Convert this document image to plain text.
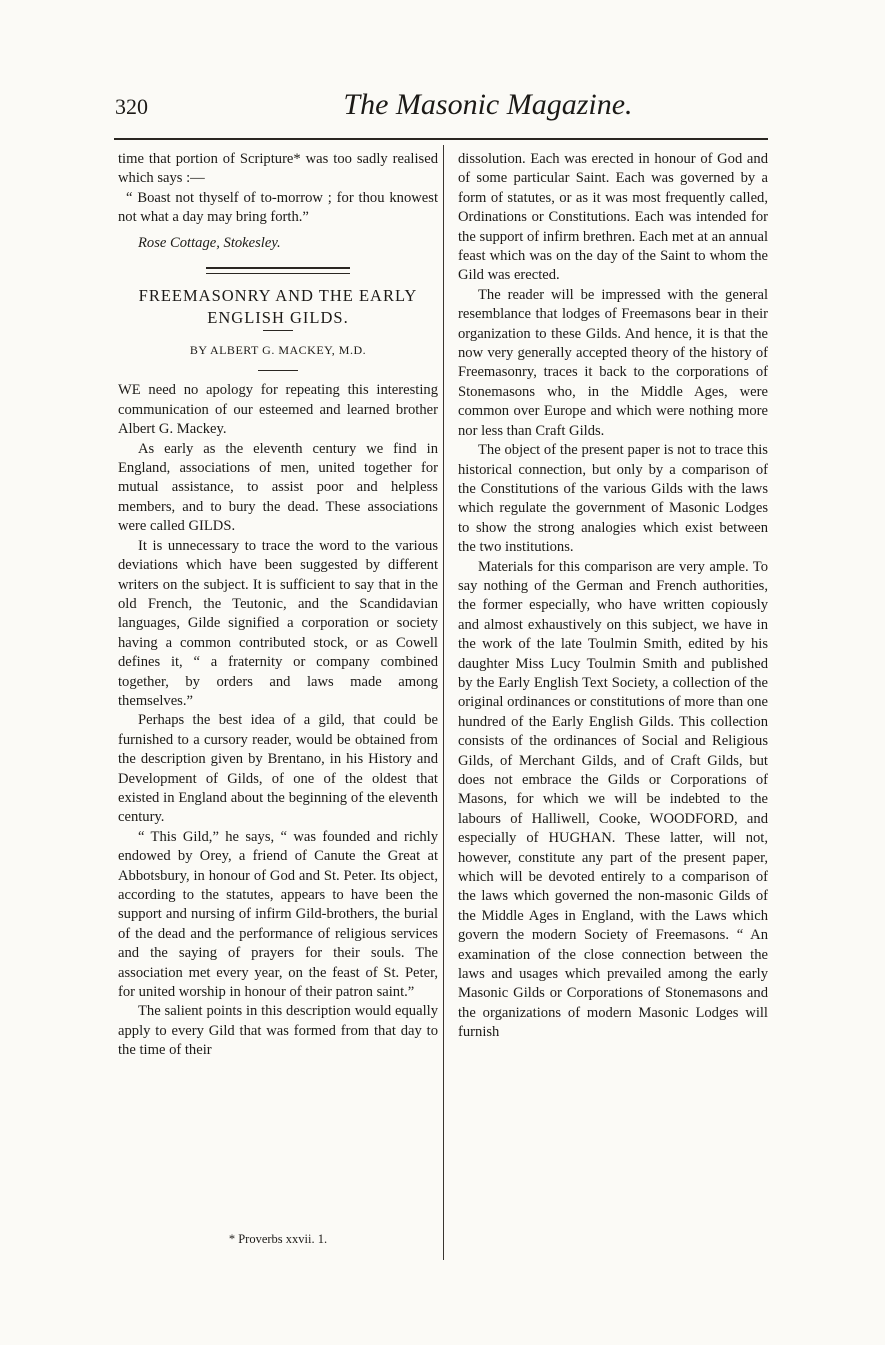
320	The Masonic Magazine.

time that portion of Scripture* was too sadly realised which says :—

“ Boast not thyself of to-morrow ; for thou knowest not what a day may bring forth.”

Rose Cottage, Stokesley.

FREEMASONRY AND THE EARLY

ENGLISH GILDS.

BY ALBERT G. MACKEY, M.D.

WE need no apology for repeating this interesting communication of our esteemed and learned brother Albert G. Mackey.

As early as the eleventh century we find in England, associations of men, united together for mutual assistance, to assist poor and helpless members, and to bury the dead. These associations were called GILDS.

It is unnecessary to trace the word to the various deviations which have been suggested by different writers on the subject. It is sufficient to say that in the old French, the Teutonic, and the Scandidavian languages, Gilde signified a corporation or society having a common contributed stock, or as Cowell defines it, “ a fraternity or company combined together, by orders and laws made among themselves.”

Perhaps the best idea of a gild, that could be furnished to a cursory reader, would be obtained from the description given by Brentano, in his History and Development of Gilds, of one of the oldest that existed in England about the beginning of the eleventh century.

“ This Gild,” he says, “ was founded and richly endowed by Orey, a friend of Canute the Great at Abbotsbury, in honour of God and St. Peter. Its object, according to the statutes, appears to have been the support and nursing of infirm Gild-brothers, the burial of the dead and the performance of religious services and the saying of prayers for their souls. The association met every year, on the feast of St. Peter, for united worship in honour of their patron saint.”

The salient points in this description would equally apply to every Gild that was formed from that day to the time of their

dissolution. Each was erected in honour of God and of some particular Saint. Each was governed by a form of statutes, or as it was most frequently called, Ordinations or Constitutions. Each was intended for the support of infirm brethren. Each met at an annual feast which was on the day of the Saint to whom the Gild was erected.

The reader will be impressed with the general resemblance that lodges of Freemasons bear in their organization to these Gilds. And hence, it is that the now very generally accepted theory of the history of Freemasonry, traces it back to the corporations of Stonemasons who, in the Middle Ages, were common over Europe and which were nothing more nor less than Craft Gilds.

The object of the present paper is not to trace this historical connection, but only by a comparison of the Constitutions of the various Gilds with the laws which regulate the government of Masonic Lodges to show the strong analogies which exist between the two institutions.

Materials for this comparison are very ample. To say nothing of the German and French authorities, the former especially, who have written copiously and almost exhaustively on this subject, we have in the work of the late Toulmin Smith, edited by his daughter Miss Lucy Toulmin Smith and published by the Early English Text Society, a collection of the original ordinances or constitutions of more than one hundred of the Early English Gilds. This collection consists of the ordinances of Social and Religious Gilds, of Merchant Gilds, and of Craft Gilds, but does not embrace the Gilds or Corporations of Masons, for which we will be indebted to the labours of Halliwell, Cooke, WOODFORD, and especially of HUGHAN. These latter, will not, however, constitute any part of the present paper, which will be devoted entirely to a comparison of the laws which governed the non-masonic Gilds of the Middle Ages in England, with the Laws which govern the modern Society of Freemasons. “ An examination of the close connection between the laws and usages which prevailed among the early Masonic Gilds or Corporations of Stonemasons and the organizations of modern Masonic Lodges will furnish

* Proverbs xxvii. 1.
